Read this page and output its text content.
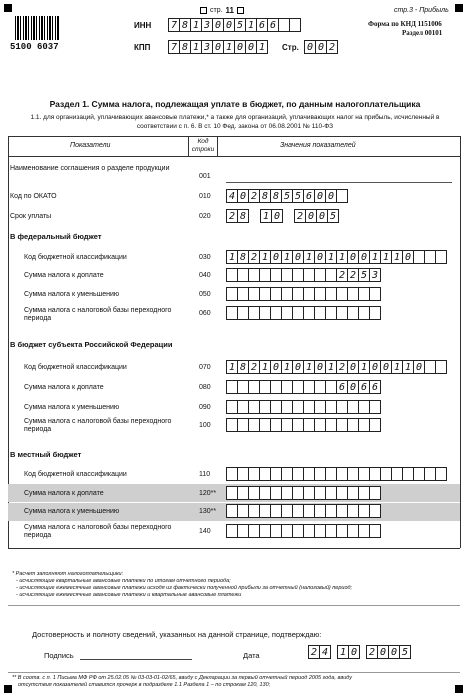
стр. 11
5100 6037
ИНН 7 8 1 3 0 0 5 1 6 6
КПП 7 8 1 3 0 1 0 0 1	Стр. 0 0 2
Форма по КНД 1151006
Раздел 00101
стр.3 - Прибыль
Раздел 1. Сумма налога, подлежащая уплате в бюджет, по данным налогоплательщика
1.1. для организаций, уплачивающих авансовые платежи,* а также для организаций, уплачивающих налог на прибыль, исчисленный в соответствии с п. 6. В ст. 10 Фед. закона от 06.08.2001 № 110-ФЗ
Показатели
Код строки
Значения показателей
Наименование соглашения о разделе продукции
001
Код по ОКАТО	010 4 0 2 8 8 5 5 6 0 0
Срок уплаты	020 2 8 1 0 2 0 0 5
В федеральный бюджет
Код бюджетной классификации	030 1 8 2 1 0 1 0 1 0 1 1 0 0 1 1 1 0
Сумма налога к доплате	040	2 2 5 3
Сумма налога к уменьшению	050
Сумма налога с налоговой базы переходного периода
060
В бюджет субъекта Российской Федерации
Код бюджетной классификации	070 1 8 2 1 0 1 0 1 0 1 2 0 1 0 0 1 1 0
Сумма налога к доплате	080	6 0 6 6
Сумма налога к уменьшению	090
Сумма налога с налоговой базы переходного периода
100
В местный бюджет
Код бюджетной классификации	110
Сумма налога к доплате	120**
Сумма налога к уменьшению	130**
Сумма налога с налоговой базы переходного периода
140
* Расчет заполняют налогоплательщики:
- исчисляющие квартальные авансовые платежи по итогам отчетного периода;
- исчисляющие ежемесячные авансовые платежи исходя из фактически полученной прибыли за отчетный (налоговый) период;
- исчисляющие ежемесячные авансовые платежи и квартальные авансовые платежи
Достоверность и полноту сведений, указанных на данной странице, подтверждаю:
Подпись	Дата	2 4 1 0 2 0 0 5
** В соотв. с п. 1 Письма МФ РФ от 25.02.05 № 03-03-01-02/65, ввиду с Декларации за первый отчетный период 2005 года, ввиду
отсутствия показателей ставится прочерк в подразделе 1.1 Раздела 1 – по строкам 120, 130;
